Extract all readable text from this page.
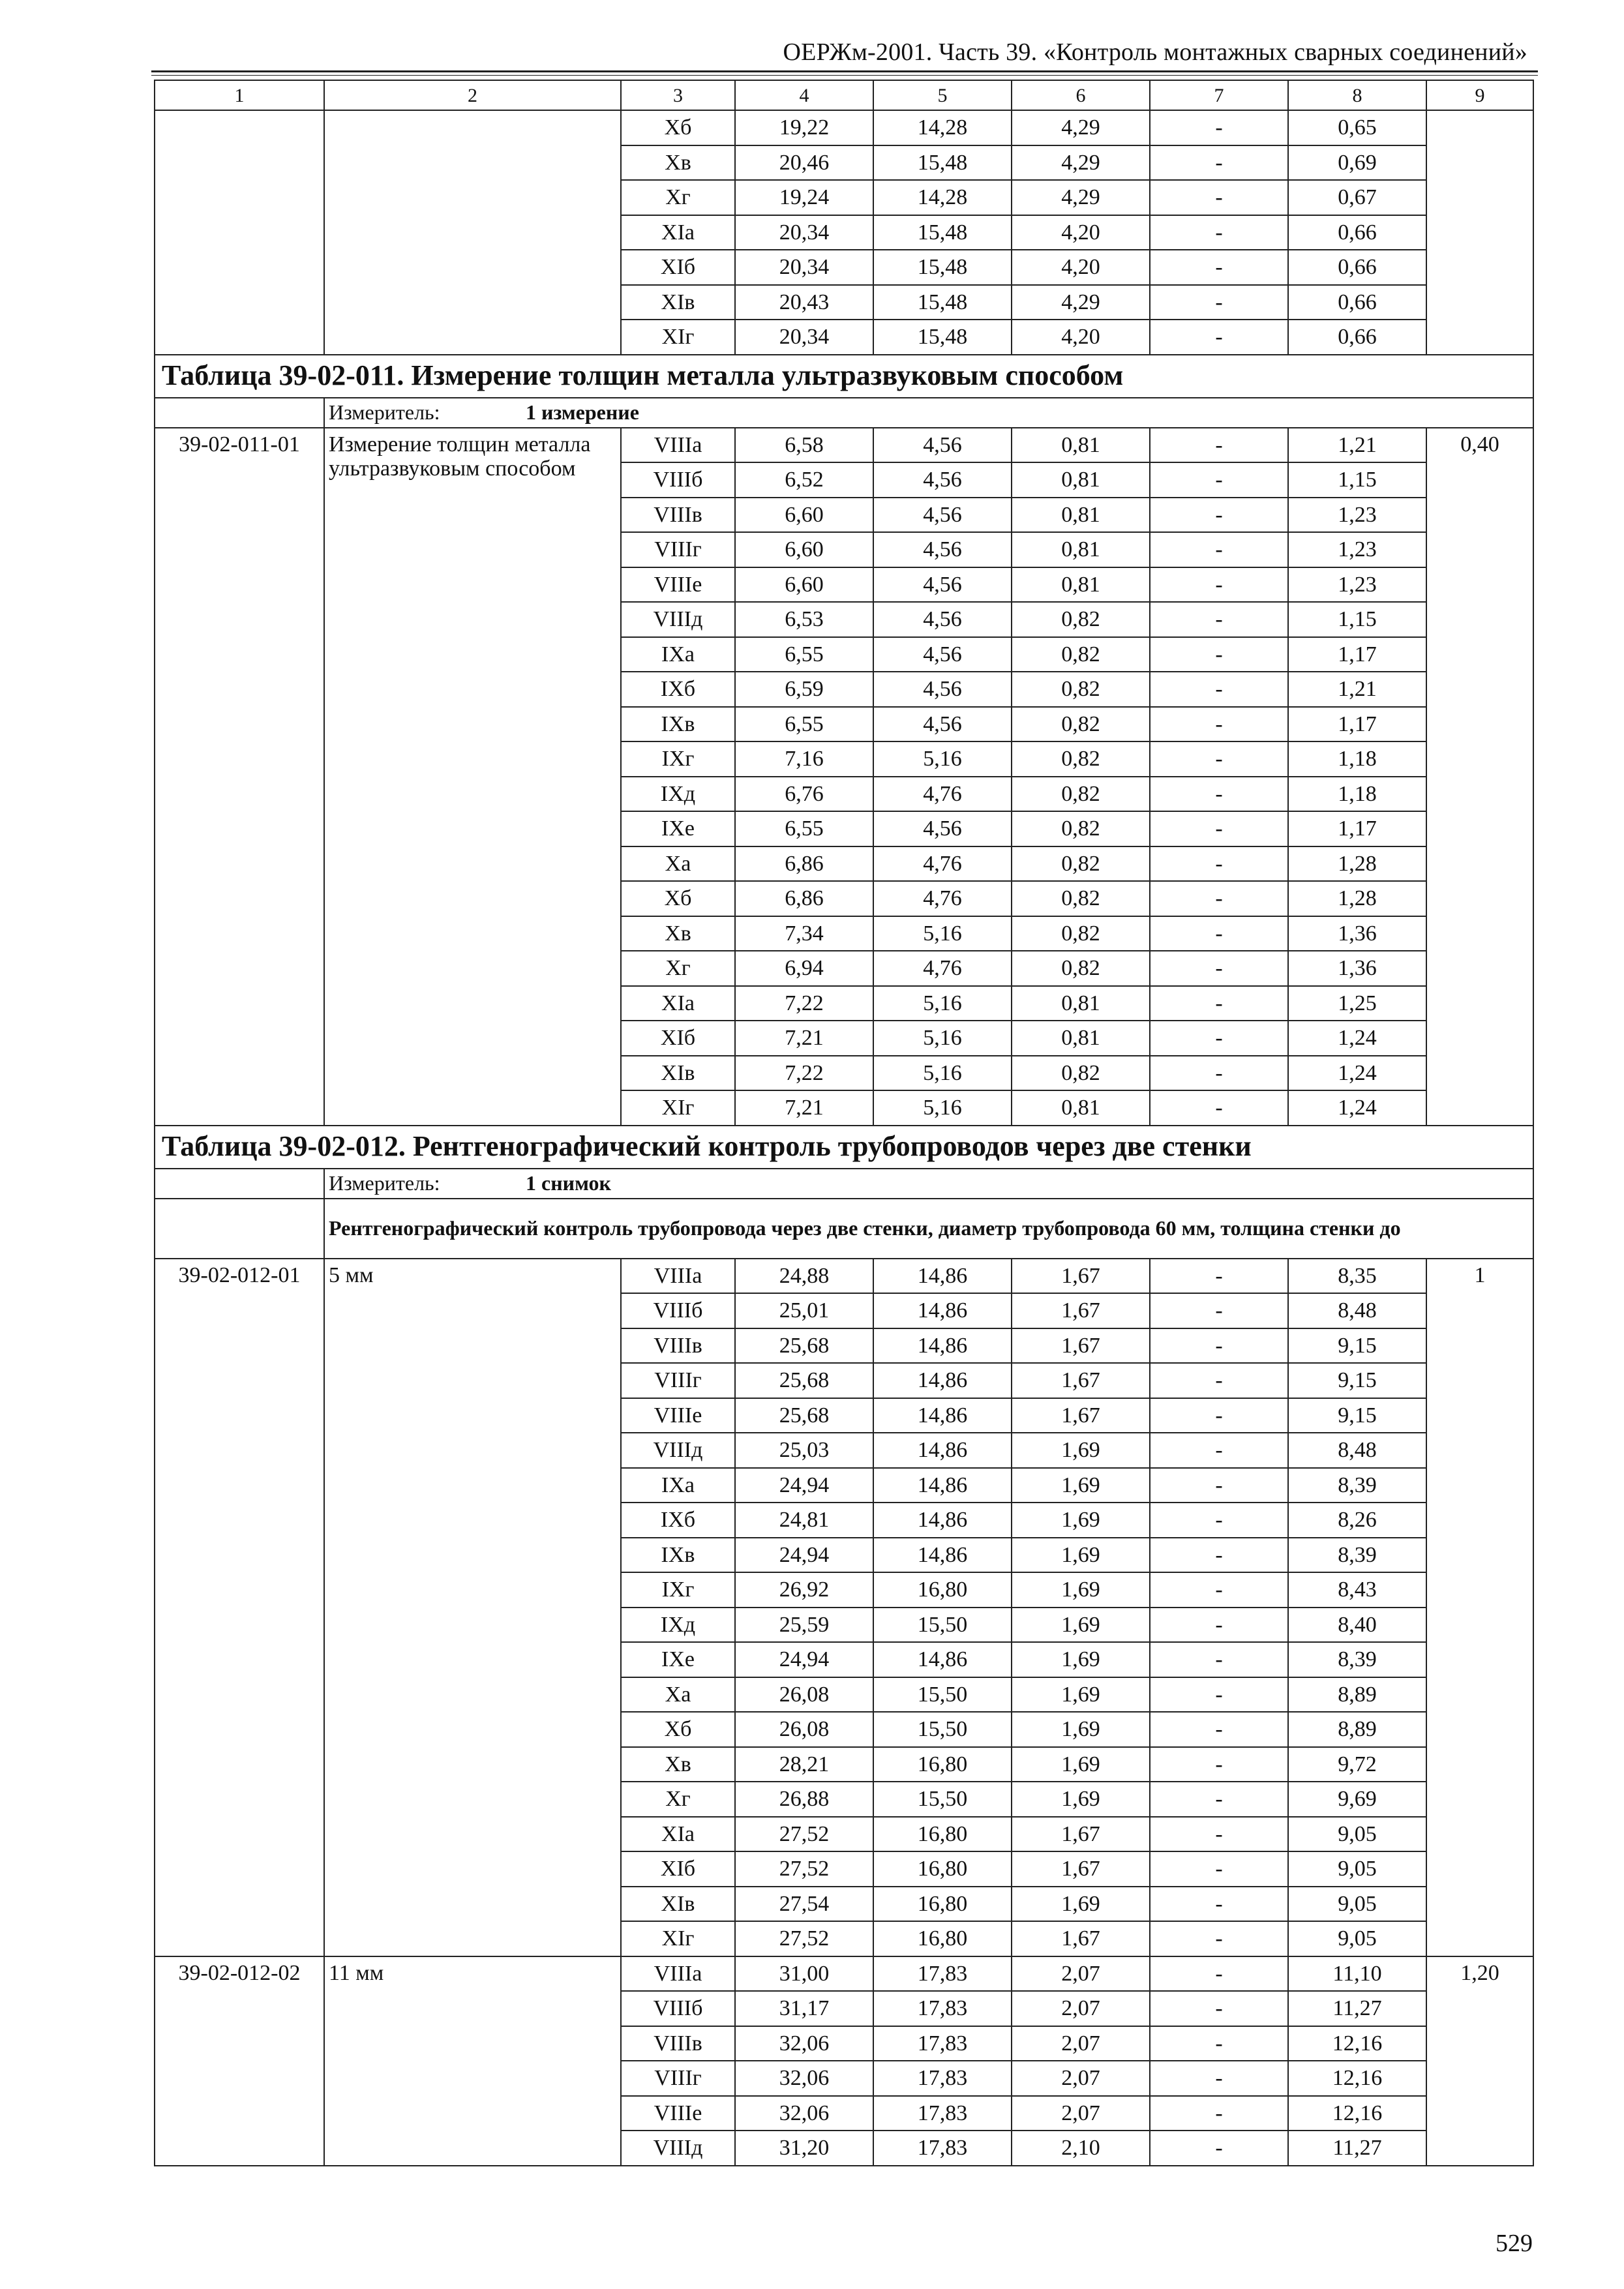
ОЕРЖм-2001. Часть 39. «Контроль монтажных сварных соединений»
1	2	3	4	5	6	7	8	9
		Xб	19,22	14,28	4,29	-	0,65	
		Xв	20,46	15,48	4,29	-	0,69	
		Xг	19,24	14,28	4,29	-	0,67	
		XIа	20,34	15,48	4,20	-	0,66	
		XIб	20,34	15,48	4,20	-	0,66	
		XIв	20,43	15,48	4,29	-	0,66	
		XIг	20,34	15,48	4,20	-	0,66	
Таблица 39-02-011. Измерение толщин металла ультразвуковым способом								
	Измеритель: 1 измерение							
39-02-011-01	Измерение толщин металла ультразвуковым способом	VIIIа	6,58	4,56	0,81	-	1,21	0,40
		VIIIб	6,52	4,56	0,81	-	1,15	
		VIIIв	6,60	4,56	0,81	-	1,23	
		VIIIг	6,60	4,56	0,81	-	1,23	
		VIIIе	6,60	4,56	0,81	-	1,23	
		VIIIд	6,53	4,56	0,82	-	1,15	
		IXа	6,55	4,56	0,82	-	1,17	
		IXб	6,59	4,56	0,82	-	1,21	
		IXв	6,55	4,56	0,82	-	1,17	
		IXг	7,16	5,16	0,82	-	1,18	
		IXд	6,76	4,76	0,82	-	1,18	
		IXе	6,55	4,56	0,82	-	1,17	
		Xа	6,86	4,76	0,82	-	1,28	
		Xб	6,86	4,76	0,82	-	1,28	
		Xв	7,34	5,16	0,82	-	1,36	
		Xг	6,94	4,76	0,82	-	1,36	
		XIа	7,22	5,16	0,81	-	1,25	
		XIб	7,21	5,16	0,81	-	1,24	
		XIв	7,22	5,16	0,82	-	1,24	
		XIг	7,21	5,16	0,81	-	1,24	
Таблица 39-02-012. Рентгенографический контроль трубопроводов через две стенки								
	Измеритель: 1 снимок							
	Рентгенографический контроль трубопровода через две стенки, диаметр трубопровода 60 мм, толщина стенки до							
39-02-012-01	5 мм	VIIIа	24,88	14,86	1,67	-	8,35	1
		VIIIб	25,01	14,86	1,67	-	8,48	
		VIIIв	25,68	14,86	1,67	-	9,15	
		VIIIг	25,68	14,86	1,67	-	9,15	
		VIIIе	25,68	14,86	1,67	-	9,15	
		VIIIд	25,03	14,86	1,69	-	8,48	
		IXа	24,94	14,86	1,69	-	8,39	
		IXб	24,81	14,86	1,69	-	8,26	
		IXв	24,94	14,86	1,69	-	8,39	
		IXг	26,92	16,80	1,69	-	8,43	
		IXд	25,59	15,50	1,69	-	8,40	
		IXе	24,94	14,86	1,69	-	8,39	
		Xа	26,08	15,50	1,69	-	8,89	
		Xб	26,08	15,50	1,69	-	8,89	
		Xв	28,21	16,80	1,69	-	9,72	
		Xг	26,88	15,50	1,69	-	9,69	
		XIа	27,52	16,80	1,67	-	9,05	
		XIб	27,52	16,80	1,67	-	9,05	
		XIв	27,54	16,80	1,69	-	9,05	
		XIг	27,52	16,80	1,67	-	9,05	
39-02-012-02	11 мм	VIIIа	31,00	17,83	2,07	-	11,10	1,20
		VIIIб	31,17	17,83	2,07	-	11,27	
		VIIIв	32,06	17,83	2,07	-	12,16	
		VIIIг	32,06	17,83	2,07	-	12,16	
		VIIIе	32,06	17,83	2,07	-	12,16	
		VIIIд	31,20	17,83	2,10	-	11,27	
529
